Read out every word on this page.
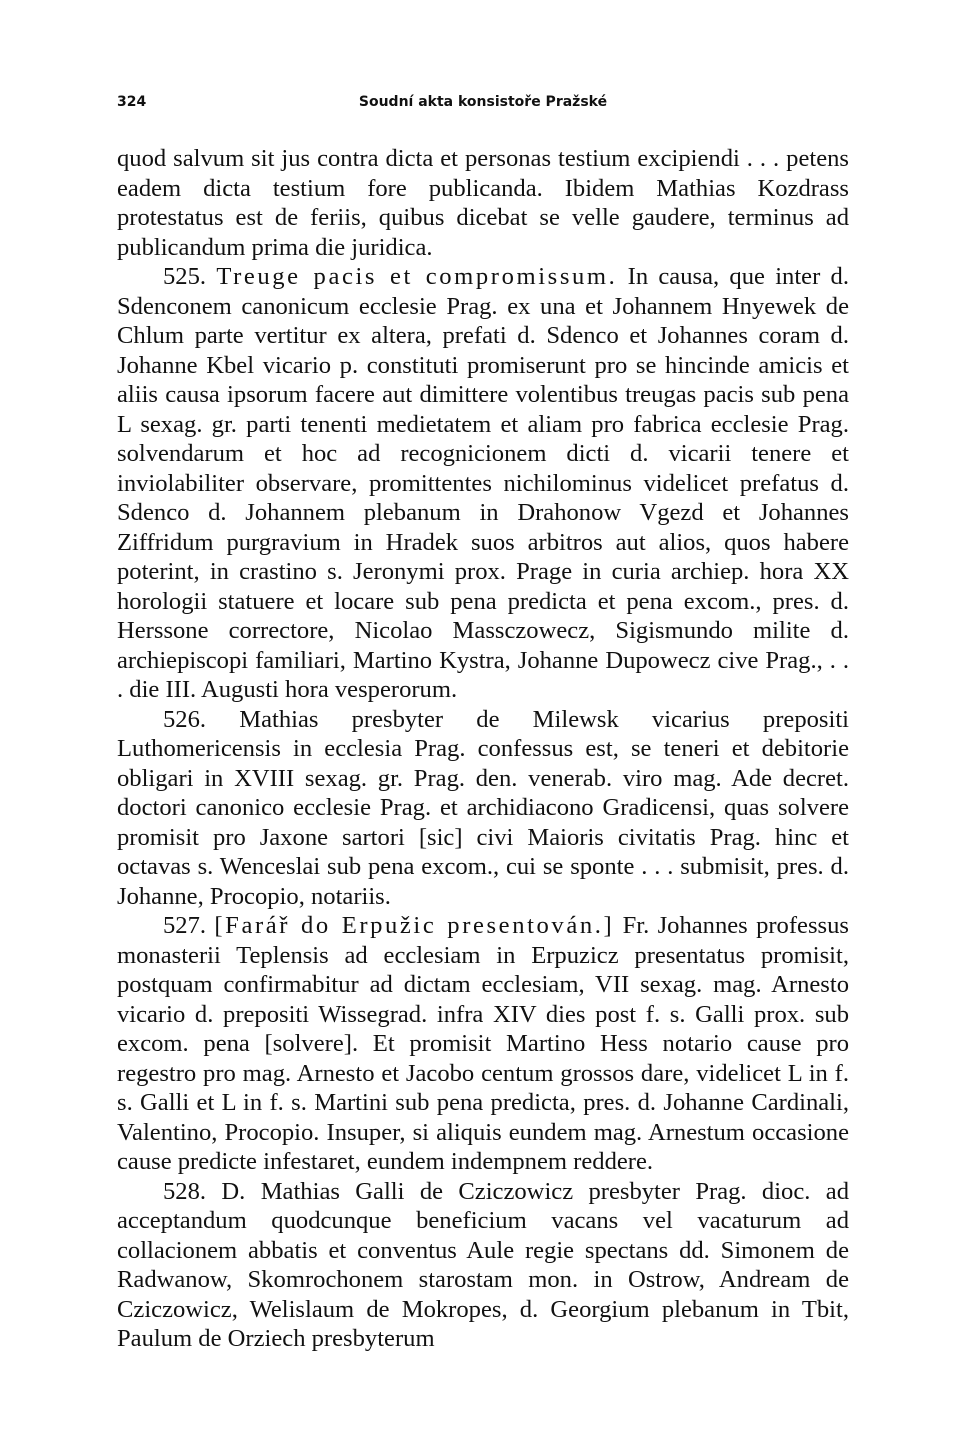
324	Soudní akta konsistoře Pražské

quod salvum sit jus contra dicta et personas testium excipiendi . . . petens eadem dicta testium fore publicanda. Ibidem Mathias Kozdrass protestatus est de feriis, quibus dicebat se velle gaudere, terminus ad publicandum prima die juridica.

525. Treuge pacis et compromissum. In causa, que inter d. Sdenconem canonicum ecclesie Prag. ex una et Johannem Hnyewek de Chlum parte vertitur ex altera, prefati d. Sdenco et Johannes coram d. Johanne Kbel vicario p. constituti promiserunt pro se hincinde amicis et aliis causa ipsorum facere aut dimittere volentibus treugas pacis sub pena L sexag. gr. parti tenenti medietatem et aliam pro fabrica ecclesie Prag. solvendarum et hoc ad recognicionem dicti d. vicarii tenere et inviolabiliter observare, promittentes nichilominus videlicet prefatus d. Sdenco d. Johannem plebanum in Drahonow Vgezd et Johannes Ziffridum purgravium in Hradek suos arbitros aut alios, quos habere poterint, in crastino s. Jeronymi prox. Prage in curia archiep. hora XX horologii statuere et locare sub pena predicta et pena excom., pres. d. Herssone correctore, Nicolao Massczowecz, Sigismundo milite d. archiepiscopi familiari, Martino Kystra, Johanne Dupowecz cive Prag., . . . die III. Augusti hora vesperorum.

526. Mathias presbyter de Milewsk vicarius prepositi Luthomericensis in ecclesia Prag. confessus est, se teneri et debitorie obligari in XVIII sexag. gr. Prag. den. venerab. viro mag. Ade decret. doctori canonico ecclesie Prag. et archidiacono Gradicensi, quas solvere promisit pro Jaxone sartori [sic] civi Maioris civitatis Prag. hinc et octavas s. Wenceslai sub pena excom., cui se sponte . . . submisit, pres. d. Johanne, Procopio, notariis.

527. [Farář do Erpužic presentován.] Fr. Johannes professus monasterii Teplensis ad ecclesiam in Erpuzicz presentatus promisit, postquam confirmabitur ad dictam ecclesiam, VII sexag. mag. Arnesto vicario d. prepositi Wissegrad. infra XIV dies post f. s. Galli prox. sub excom. pena [solvere]. Et promisit Martino Hess notario cause pro regestro pro mag. Arnesto et Jacobo centum grossos dare, videlicet L in f. s. Galli et L in f. s. Martini sub pena predicta, pres. d. Johanne Cardinali, Valentino, Procopio. Insuper, si aliquis eundem mag. Arnestum occasione cause predicte infestaret, eundem indempnem reddere.

528. D. Mathias Galli de Cziczowicz presbyter Prag. dioc. ad acceptandum quodcunque beneficium vacans vel vacaturum ad collacionem abbatis et conventus Aule regie spectans dd. Simonem de Radwanow, Skomrochonem starostam mon. in Ostrow, Andream de Cziczowicz, Welislaum de Mokropes, d. Georgium plebanum in Tbit, Paulum de Orziech presbyterum
